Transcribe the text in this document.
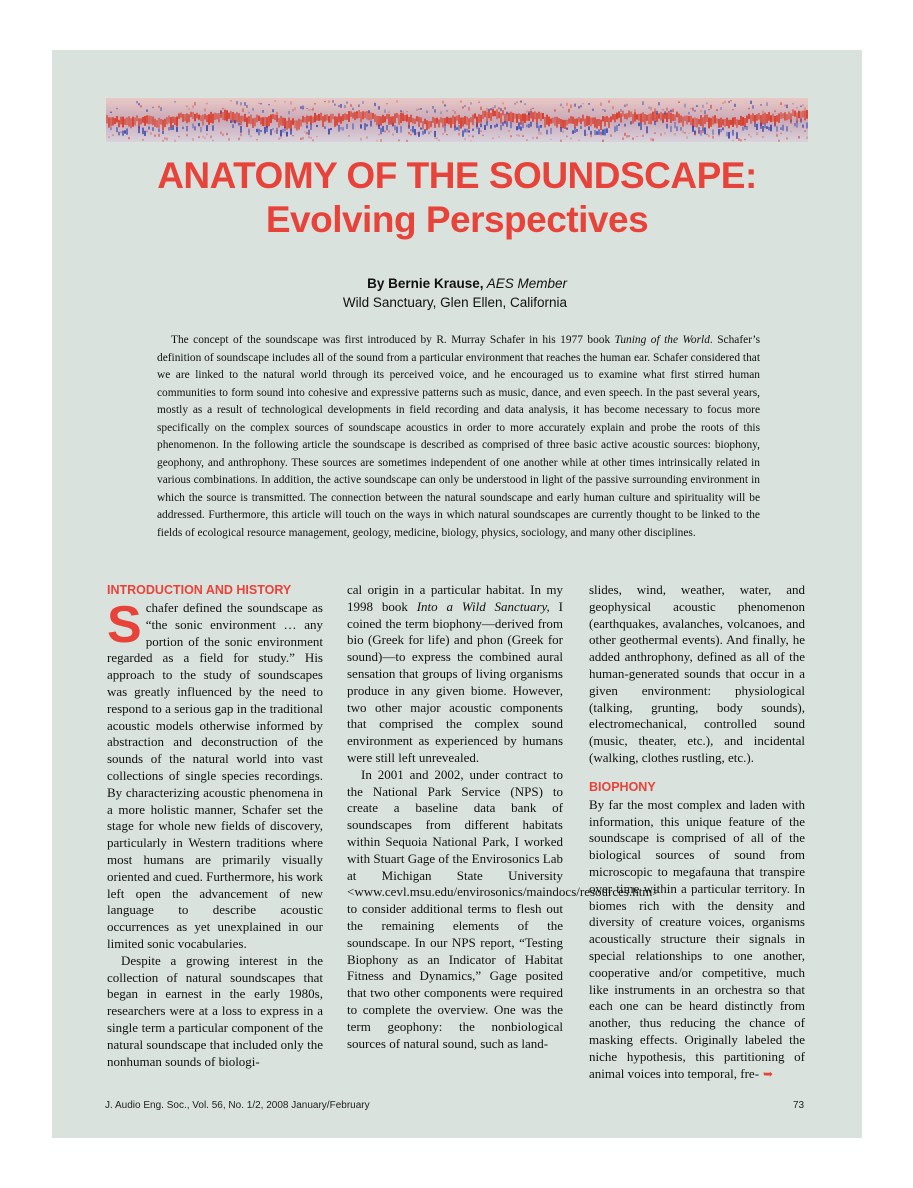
ANATOMY OF THE SOUNDSCAPE:
Evolving Perspectives
By Bernie Krause, AES Member
Wild Sanctuary, Glen Ellen, California

The concept of the soundscape was first introduced by R. Murray Schafer in his 1977 book Tuning of the World. Schafer’s definition of soundscape includes all of the sound from a particular environment that reaches the human ear. Schafer considered that we are linked to the natural world through its perceived voice, and he encouraged us to examine what first stirred human communities to form sound into cohesive and expressive patterns such as music, dance, and even speech. In the past several years, mostly as a result of technological developments in field recording and data analysis, it has become necessary to focus more specifically on the complex sources of soundscape acoustics in order to more accurately explain and probe the roots of this phenomenon. In the following article the soundscape is described as comprised of three basic active acoustic sources: biophony, geophony, and anthrophony. These sources are sometimes independent of one another while at other times intrinsically related in various combinations. In addition, the active soundscape can only be understood in light of the passive surrounding environment in which the source is transmitted. The connection between the natural soundscape and early human culture and spirituality will be addressed. Furthermore, this article will touch on the ways in which natural soundscapes are currently thought to be linked to the fields of ecological resource management, geology, medicine, biology, physics, sociology, and many other disciplines.

INTRODUCTION AND HISTORY

Schafer defined the soundscape as “the sonic environment … any portion of the sonic environment regarded as a field for study.” His approach to the study of soundscapes was greatly influenced by the need to respond to a serious gap in the traditional acoustic models otherwise informed by abstraction and deconstruction of the sounds of the natural world into vast collections of single species recordings. By characterizing acoustic phenomena in a more holistic manner, Schafer set the stage for whole new fields of discovery, particularly in Western traditions where most humans are primarily visually oriented and cued. Furthermore, his work left open the advancement of new language to describe acoustic occurrences as yet unexplained in our limited sonic vocabularies.

Despite a growing interest in the collection of natural soundscapes that began in earnest in the early 1980s, researchers were at a loss to express in a single term a particular component of the natural soundscape that included only the nonhuman sounds of biologi-

cal origin in a particular habitat. In my 1998 book Into a Wild Sanctuary, I coined the term biophony—derived from bio (Greek for life) and phon (Greek for sound)—to express the combined aural sensation that groups of living organisms produce in any given biome. However, two other major acoustic components that comprised the complex sound environment as experienced by humans were still left unrevealed.

In 2001 and 2002, under contract to the National Park Service (NPS) to create a baseline data bank of soundscapes from different habitats within Sequoia National Park, I worked with Stuart Gage of the Envirosonics Lab at Michigan State University <www.cevl.msu.edu/envirosonics/maindocs/resources.htm> to consider additional terms to flesh out the remaining elements of the soundscape. In our NPS report, “Testing Biophony as an Indicator of Habitat Fitness and Dynamics,” Gage posited that two other components were required to complete the overview. One was the term geophony: the nonbiological sources of natural sound, such as land-

slides, wind, weather, water, and geophysical acoustic phenomenon (earthquakes, avalanches, volcanoes, and other geothermal events). And finally, he added anthrophony, defined as all of the human-generated sounds that occur in a given environment: physiological (talking, grunting, body sounds), electromechanical, controlled sound (music, theater, etc.), and incidental (walking, clothes rustling, etc.).

BIOPHONY

By far the most complex and laden with information, this unique feature of the soundscape is comprised of all of the biological sources of sound from microscopic to megafauna that transpire over time within a particular territory. In biomes rich with the density and diversity of creature voices, organisms acoustically structure their signals in special relationships to one another, cooperative and/or competitive, much like instruments in an orchestra so that each one can be heard distinctly from another, thus reducing the chance of masking effects. Originally labeled the niche hypothesis, this partitioning of animal voices into temporal, fre- ➥

J. Audio Eng. Soc., Vol. 56, No. 1/2, 2008 January/February	73
